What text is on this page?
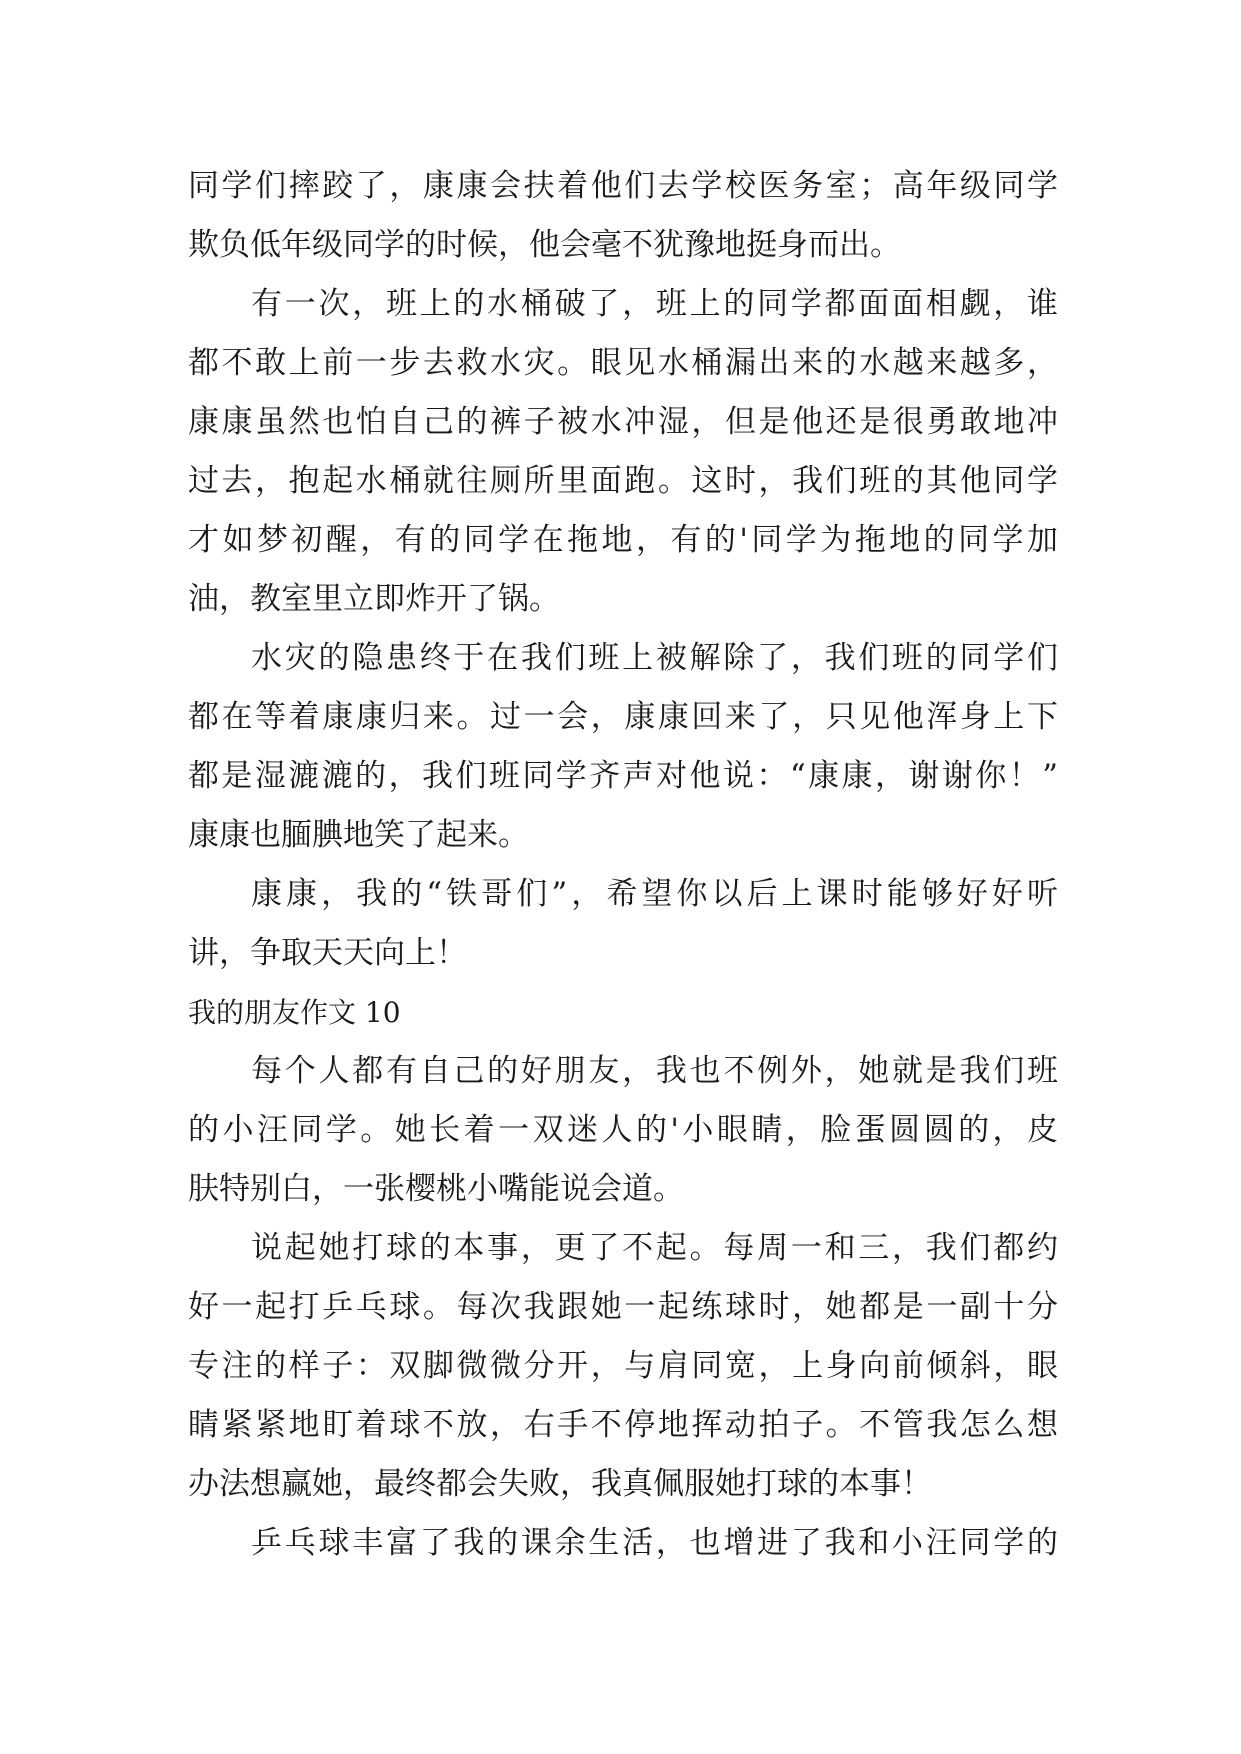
同学们摔跤了，康康会扶着他们去学校医务室；高年级同学
欺负低年级同学的时候，他会毫不犹豫地挺身而出。
有一次，班上的水桶破了，班上的同学都面面相觑，谁
都不敢上前一步去救水灾。眼见水桶漏出来的水越来越多，
康康虽然也怕自己的裤子被水冲湿，但是他还是很勇敢地冲
过去，抱起水桶就往厕所里面跑。这时，我们班的其他同学
才如梦初醒，有的同学在拖地，有的'同学为拖地的同学加
油，教室里立即炸开了锅。
水灾的隐患终于在我们班上被解除了，我们班的同学们
都在等着康康归来。过一会，康康回来了，只见他浑身上下
都是湿漉漉的，我们班同学齐声对他说：“康康，谢谢你！”
康康也腼腆地笑了起来。
康康，我的“铁哥们”，希望你以后上课时能够好好听
讲，争取天天向上！
我的朋友作文 10
每个人都有自己的好朋友，我也不例外，她就是我们班
的小汪同学。她长着一双迷人的'小眼睛，脸蛋圆圆的，皮
肤特别白，一张樱桃小嘴能说会道。
说起她打球的本事，更了不起。每周一和三，我们都约
好一起打乒乓球。每次我跟她一起练球时，她都是一副十分
专注的样子：双脚微微分开，与肩同宽，上身向前倾斜，眼
睛紧紧地盯着球不放，右手不停地挥动拍子。不管我怎么想
办法想赢她，最终都会失败，我真佩服她打球的本事！
乒乓球丰富了我的课余生活，也增进了我和小汪同学的
